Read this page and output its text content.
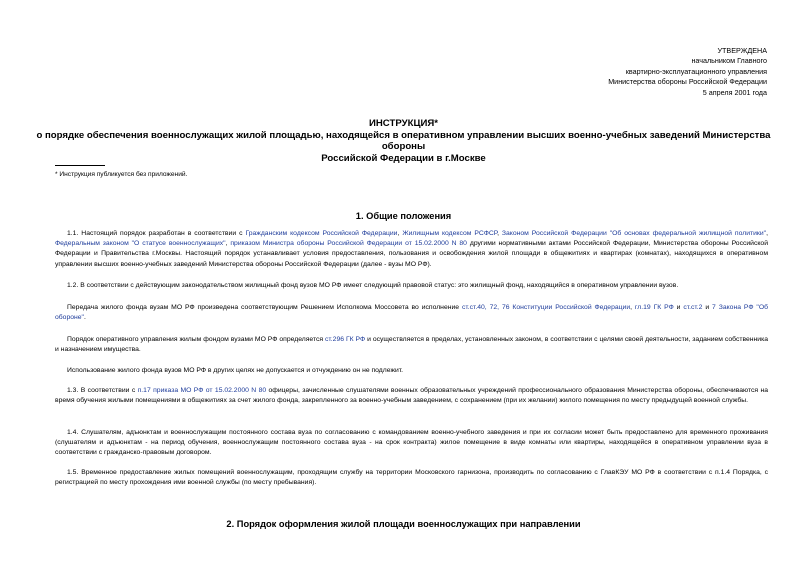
УТВЕРЖДЕНА
начальником Главного
квартирно-эксплуатационного управления
Министерства обороны Российской Федерации
5 апреля 2001 года
ИНСТРУКЦИЯ*
о порядке обеспечения военнослужащих жилой площадью, находящейся в оперативном управлении высших военно-учебных заведений Министерства обороны
Российской Федерации в г.Москве
* Инструкция публикуется без приложений.
1. Общие положения
1.1. Настоящий порядок разработан в соответствии с Гражданским кодексом Российской Федерации, Жилищным кодексом РСФСР, Законом Российской Федерации "Об основах федеральной жилищной политики", Федеральным законом "О статусе военнослужащих", приказом Министра обороны Российской Федерации от 15.02.2000 N 80 другими нормативными актами Российской Федерации, Министерства обороны Российской Федерации и Правительства г.Москвы. Настоящий порядок устанавливает условия предоставления, пользования и освобождения жилой площади в общежитиях и квартирах (комнатах), находящихся в оперативном управлении высших военно-учебных заведений Министерства обороны Российской Федерации (далее - вузы МО РФ).
1.2. В соответствии с действующим законодательством жилищный фонд вузов МО РФ имеет следующий правовой статус: это жилищный фонд, находящийся в оперативном управлении вузов.
Передача жилого фонда вузам МО РФ произведена соответствующим Решением Исполкома Моссовета во исполнение ст.ст.40, 72, 76 Конституции Российской Федерации, гл.19 ГК РФ и ст.ст.2 и 7 Закона РФ "Об обороне".
Порядок оперативного управления жилым фондом вузами МО РФ определяется ст.296 ГК РФ и осуществляется в пределах, установленных законом, в соответствии с целями своей деятельности, заданием собственника и назначением имущества.
Использование жилого фонда вузов МО РФ в других целях не допускается и отчуждению он не подлежит.
1.3. В соответствии с п.17 приказа МО РФ от 15.02.2000 N 80 офицеры, зачисленные слушателями военных образовательных учреждений профессионального образования Министерства обороны, обеспечиваются на время обучения жилыми помещениями в общежитиях за счет жилого фонда, закрепленного за военно-учебным заведением, с сохранением (при их желании) жилого помещения по месту предыдущей военной службы.
1.4. Слушателям, адъюнктам и военнослужащим постоянного состава вуза по согласованию с командованием военно-учебного заведения и при их согласии может быть предоставлено для временного проживания (слушателям и адъюнктам - на период обучения, военнослужащим постоянного состава вуза - на срок контракта) жилое помещение в виде комнаты или квартиры, находящейся в оперативном управлении вуза в соответствии с гражданско-правовым договором.
1.5. Временное предоставление жилых помещений военнослужащим, проходящим службу на территории Московского гарнизона, производить по согласованию с ГлавКЭУ МО РФ в соответствии с п.1.4 Порядка, с регистрацией по месту прохождения ими военной службы (по месту пребывания).
2. Порядок оформления жилой площади военнослужащих при направлении
